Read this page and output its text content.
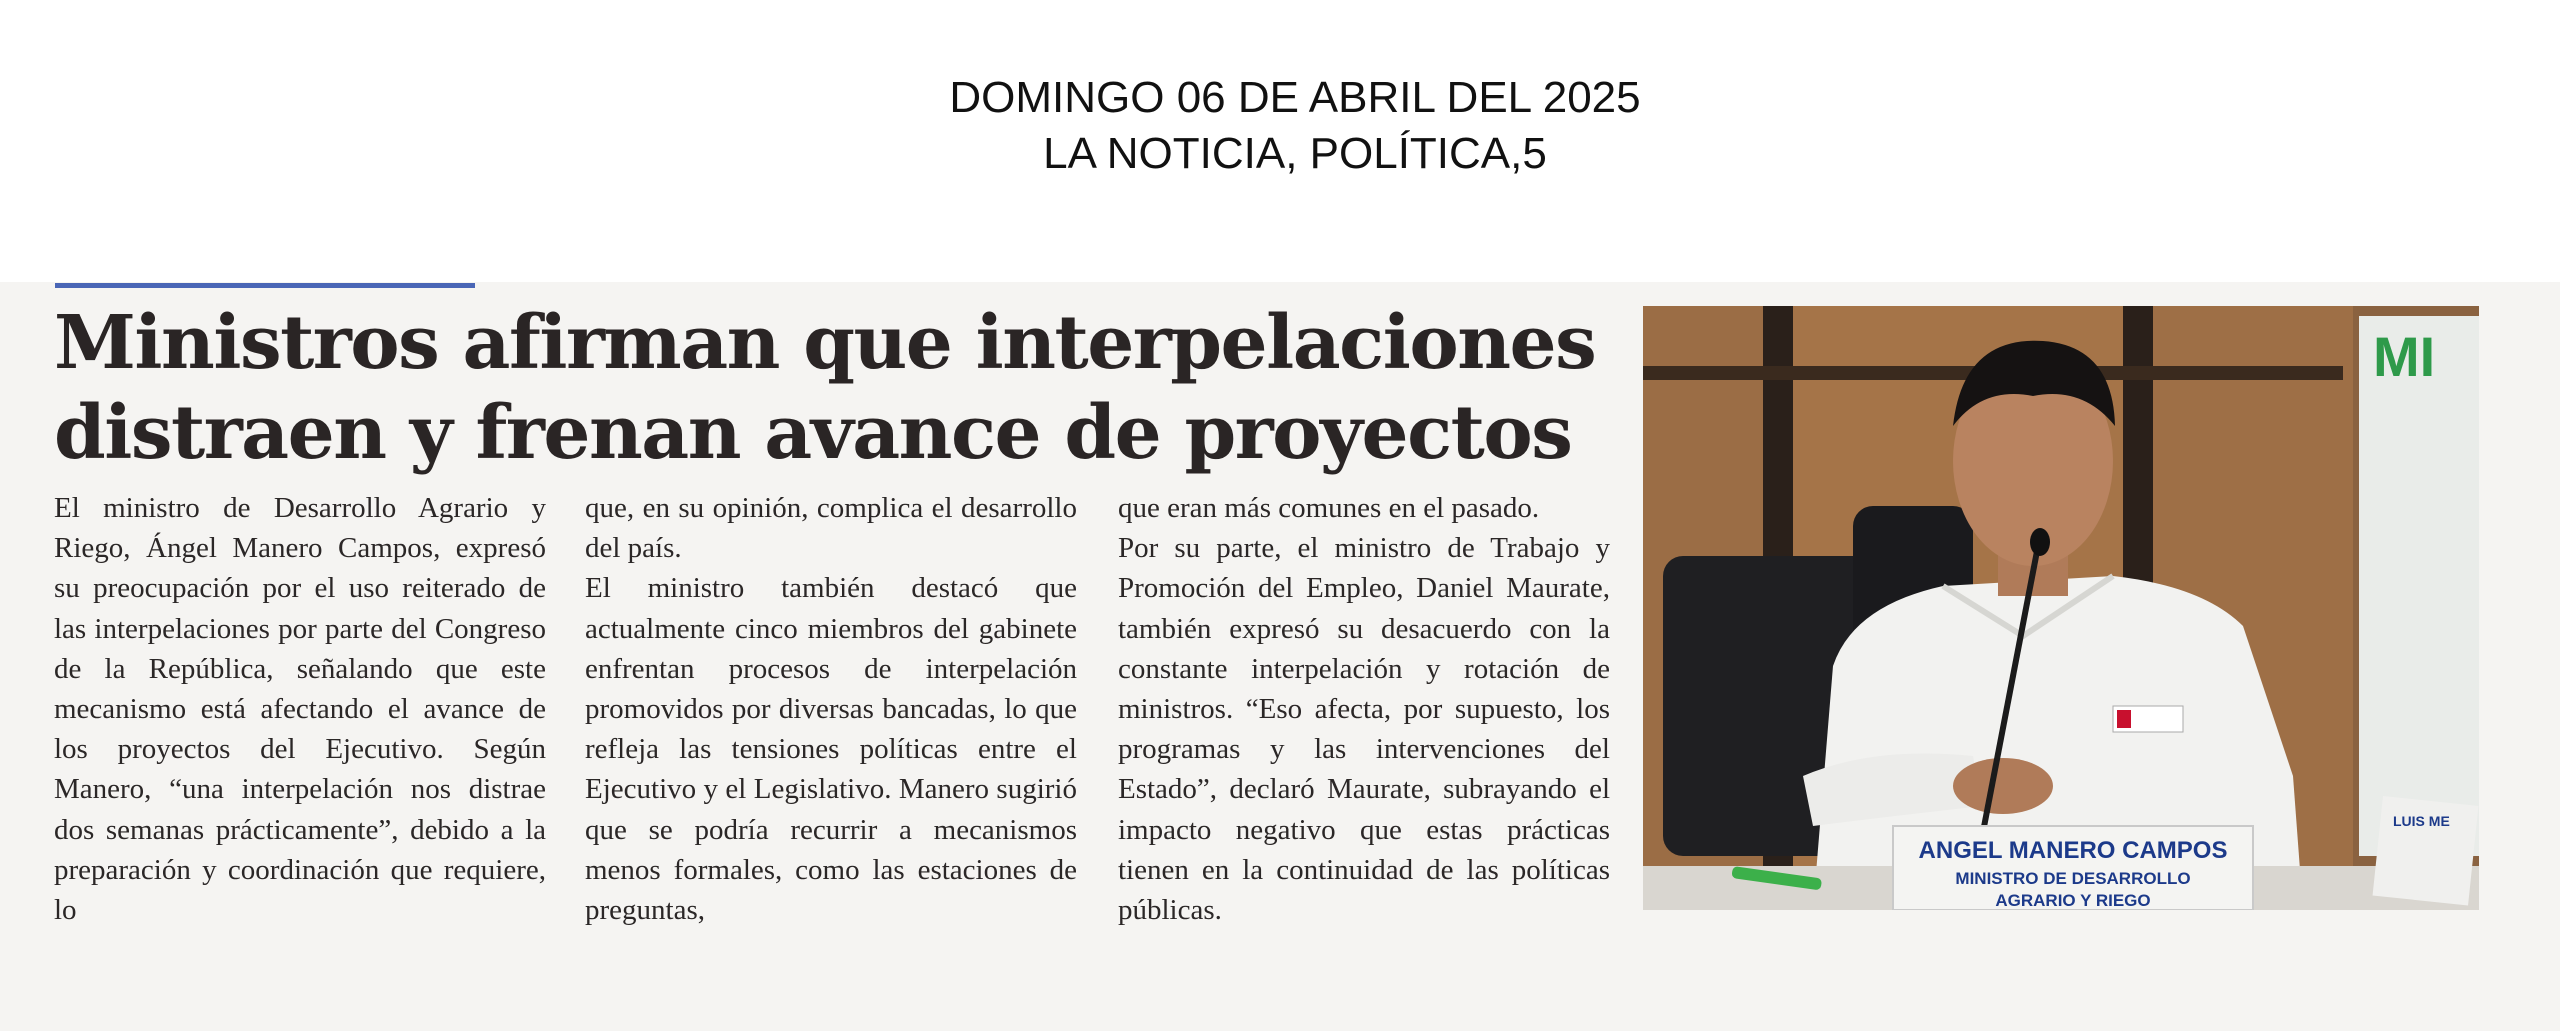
DOMINGO 06 DE ABRIL DEL 2025
LA NOTICIA, POLÍTICA,5
Ministros afirman que interpelaciones
distraen y frenan avance de proyectos

El ministro de Desarrollo Agrario y Riego, Ángel Manero Campos, expresó su preocupación por el uso reiterado de las interpelaciones por parte del Congreso de la República, señalando que este mecanismo está afectando el avance de los proyectos del Ejecutivo. Según Manero, “una interpelación nos distrae dos semanas prácticamente”, debido a la preparación y coordinación que requiere, lo

que, en su opinión, complica el desarrollo del país.

El ministro también destacó que actualmente cinco miembros del gabinete enfrentan procesos de interpelación promovidos por diversas bancadas, lo que refleja las tensiones políticas entre el Ejecutivo y el Legislativo. Manero sugirió que se podría recurrir a mecanismos menos formales, como las estaciones de preguntas,

que eran más comunes en el pasado.

Por su parte, el ministro de Trabajo y Promoción del Empleo, Daniel Maurate, también expresó su desacuerdo con la constante interpelación y rotación de ministros. “Eso afecta, por supuesto, los programas y las intervenciones del Estado”, declaró Maurate, subrayando el impacto negativo que estas prácticas tienen en la continuidad de las políticas públicas.

MI
ANGEL MANERO CAMPOS
MINISTRO DE DESARROLLO
AGRARIO Y RIEGO
LUIS ME
